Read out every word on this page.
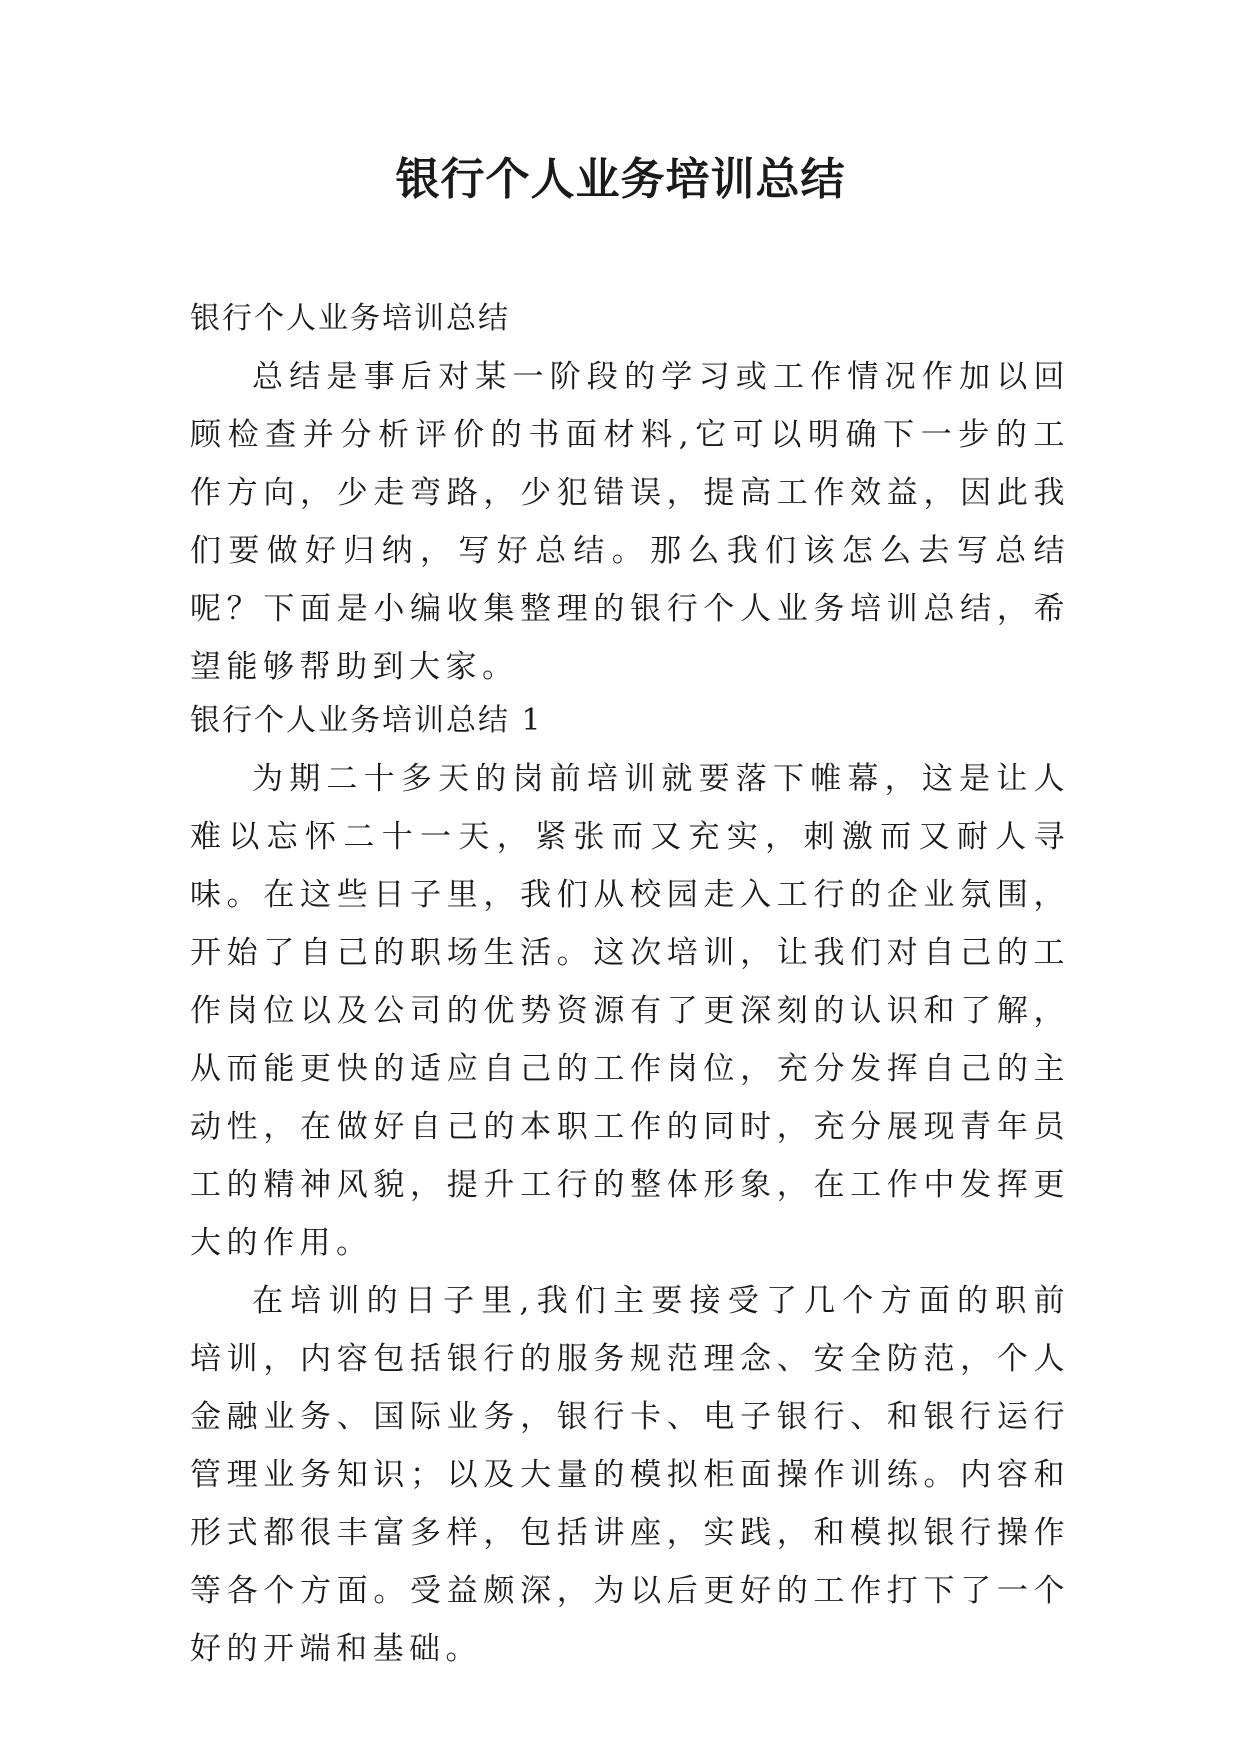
银行个人业务培训总结

银行个人业务培训总结

总结是事后对某一阶段的学习或工作情况作加以回顾检查并分析评价的书面材料,它可以明确下一步的工作方向，少走弯路，少犯错误，提高工作效益，因此我们要做好归纳，写好总结。那么我们该怎么去写总结呢？下面是小编收集整理的银行个人业务培训总结，希望能够帮助到大家。

银行个人业务培训总结 1

为期二十多天的岗前培训就要落下帷幕，这是让人难以忘怀二十一天，紧张而又充实，刺激而又耐人寻味。在这些日子里，我们从校园走入工行的企业氛围，开始了自己的职场生活。这次培训，让我们对自己的工作岗位以及公司的优势资源有了更深刻的认识和了解，从而能更快的适应自己的工作岗位，充分发挥自己的主动性，在做好自己的本职工作的同时，充分展现青年员工的精神风貌，提升工行的整体形象，在工作中发挥更大的作用。

在培训的日子里,我们主要接受了几个方面的职前培训，内容包括银行的服务规范理念、安全防范，个人金融业务、国际业务，银行卡、电子银行、和银行运行管理业务知识；以及大量的模拟柜面操作训练。内容和形式都很丰富多样，包括讲座，实践，和模拟银行操作等各个方面。受益颇深，为以后更好的工作打下了一个好的开端和基础。
